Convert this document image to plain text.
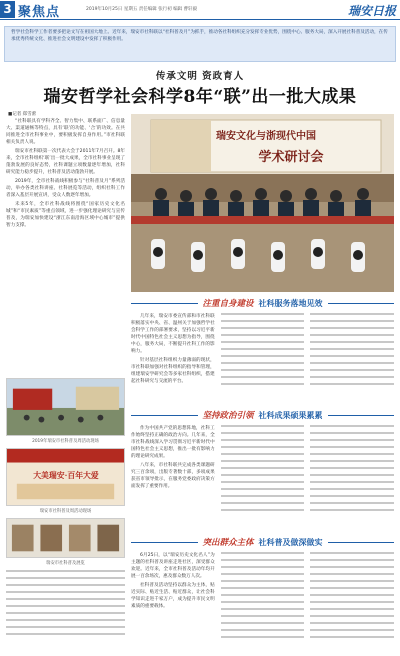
3 聚焦点	2019年10月25日 星期五 责任编辑 张行初 编辑 曹轩毅	瑞安日报

哲学社会科学工作者要多把论文写在祖国大地上。近年来，瑞安市社科联以“社科普及月”为抓手，推动各社科组织充分发挥专业优势，围绕中心、服务大局，深入开展社科普及活动，在传承优秀传统文化、推进社会文明建设中发挥了积极作用。

传承文明 资政育人
瑞安哲学社会科学8年“联”出一批大成果
■记者 郑雪蕾

“社科联具有学科齐全、智力集中、联系面广、信息量大、渠道通畅等特点，具有‘联’的功能、‘合’的功效。在共同推进全市社科事业中，要积极发挥自身作用。”市社科联相关负责人说。

瑞安市社科联第一次代表大会于2011年7月召开。8年来，全市社科组织‘联’出一批大成果，全市社科事业呈现了蓬勃发展的良好态势，社科课题立项数量逐年增加，社科研究能力稳步提升，社科普及活动蓬勃开展。

2019年，全市社科战线积极参与“社科普及月”系列活动，举办各类社科讲座、社科展览等活动，组织社科工作者深入基层开展宣讲，受众人数逐年增加。

未来5年，全市社科战线将围绕“国家历史文化名城”和“市民素质”等重点领域，进一步强化理论研究与宣传普及，为瑞安加快建设“浙江东南沿海区域中心城市”提供智力支撑。

瑞安文化与浙现代中国
学术研讨会
2019年瑞安市社科普及周活动现场
大美瑞安·百年大爱
瑞安市社科普及周活动现场
瑞安市社科普及展览
注重自身建设 社科服务落地见效

几年来，瑞安市委宣传部和市社科联积极落实中央、省、温州关于加强哲学社会科学工作的部署要求，坚持以习近平新时代中国特色社会主义思想为指导，围绕中心，服务大局，不断提升社科工作的影响力。

针对基层社科组织力量薄弱的现状，市社科联加强对社科组织的指导和管理，组建瑞安学研究会等多家社科组织，搭建起社科研究与交流的平台。

坚持政治引领 社科成果硕果累累

作为中国共产党的思想阵地，社科工作始终坚持正确的政治方向。几年来，全市社科战线深入学习贯彻习近平新时代中国特色社会主义思想，推出一批有影响力的理论研究成果。

八年来，市社科联共完成各类课题研究三百余项，出版专著数十部，多项成果获省市领导批示，在服务党委政府决策方面发挥了重要作用。

突出群众主体 社科普及做深做实

6月25日，以“瑞安历史文化名人”为主题的社科普及讲座走进社区，深受群众欢迎。近年来，全市社科普及活动年均开展一百余场次，惠及群众数万人次。

社科普及活动坚持以群众为主体，贴近实际、贴近生活、贴近群众，让社会科学知识走进千家万户，成为提升市民文明素质的重要载体。
